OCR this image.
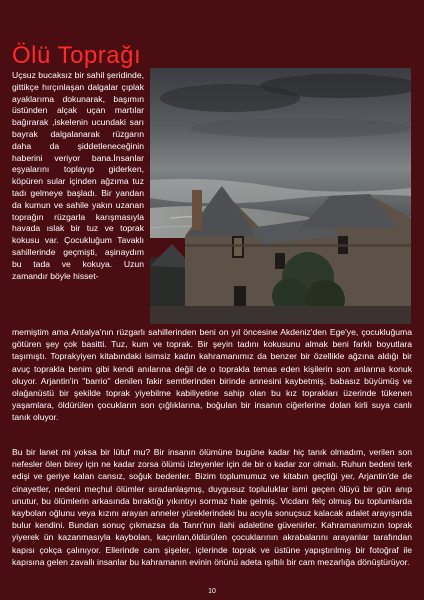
Ölü Toprağı
Uçsuz bucaksız bir sahil şeridinde, gittikçe hırçınlaşan dalgalar çıplak ayaklarıma dokunarak, başımın üstünden alçak uçan martılar bağırarak ,iskelenin ucundaki sarı bayrak dalgalanarak rüzgarın daha da şiddetleneceğinin haberini veriyor bana.İnsanlar eşyalarını toplayıp giderken, köpüren sular içinden ağzıma tuz tadı gelmeye başladı. Bir yandan da kumun ve sahile yakın uzanan toprağın rüzgarla karışmasıyla havada ıslak bir tuz ve toprak kokusu var. Çocukluğum Tavaklı sahillerinde geçmişti, aşinaydım bu tada ve kokuya. Uzun zamandır böyle hisset-
memiştim ama Antalya'nın rüzgarlı sahillerinden beni on yıl öncesine Akdeniz'den Ege'ye, çocukluğuma götüren şey çok basitti. Tuz, kum ve toprak. Bir şeyin tadını kokusunu almak beni farklı boyutlara taşımıştı. Toprakyiyen kitabındaki isimsiz kadın kahramanımız da benzer bir özellikle ağzına aldığı bir avuç toprakla benim gibi kendi anılarına değil de o toprakla temas eden kişilerin son anlarına konuk oluyor. Arjantin'in ''barrio'' denilen fakir semtlerinden birinde annesini kaybetmiş, babasız büyümüş ve olağanüstü bir şekilde toprak yiyebilme kabiliyetine sahip olan bu kız toprakları üzerinde tükenen yaşamlara, öldürülen çocukların son çığlıklarına, boğulan bir insanın ciğerlerine dolan kirli suya canlı tanık oluyor.
Bu bir lanet mi yoksa bir lütuf mu? Bir insanın ölümüne bugüne kadar hiç tanık olmadım, verilen son nefesler ölen birey için ne kadar zorsa ölümü izleyenler için de bir o kadar zor olmalı. Ruhun bedeni terk edişi ve geriye kalan cansız, soğuk bedenler. Bizim toplumumuz ve kitabın geçtiği yer, Arjantin'de de cinayetler, nedeni meçhul ölümler sıradanlaşmış, duygusuz topluluklar ismi geçen ölüyü bir gün anıp unutur, bu ölümlerin arkasında bıraktığı yıkıntıyı sormaz hale gelmiş. Vicdanı felç olmuş bu toplumlarda kaybolan oğlunu veya kızını arayan anneler yüreklerindeki bu acıyla sonuçsuz kalacak adalet arayışında bulur kendini. Bundan sonuç çıkmazsa da Tanrı'nın ilahi adaletine güvenirler. Kahramanımızın toprak yiyerek ün kazanmasıyla kaybolan, kaçırılan,öldürülen çocuklarının akrabalarını arayanlar tarafından kapısı çokça çalınıyor. Ellerinde cam şişeler, içlerinde toprak ve üstüne yapıştırılmış bir fotoğraf ile kapısına gelen zavallı insanlar bu kahramanın evinin önünü adeta ışıltılı bir cam mezarlığa dönüştürüyor.
10
